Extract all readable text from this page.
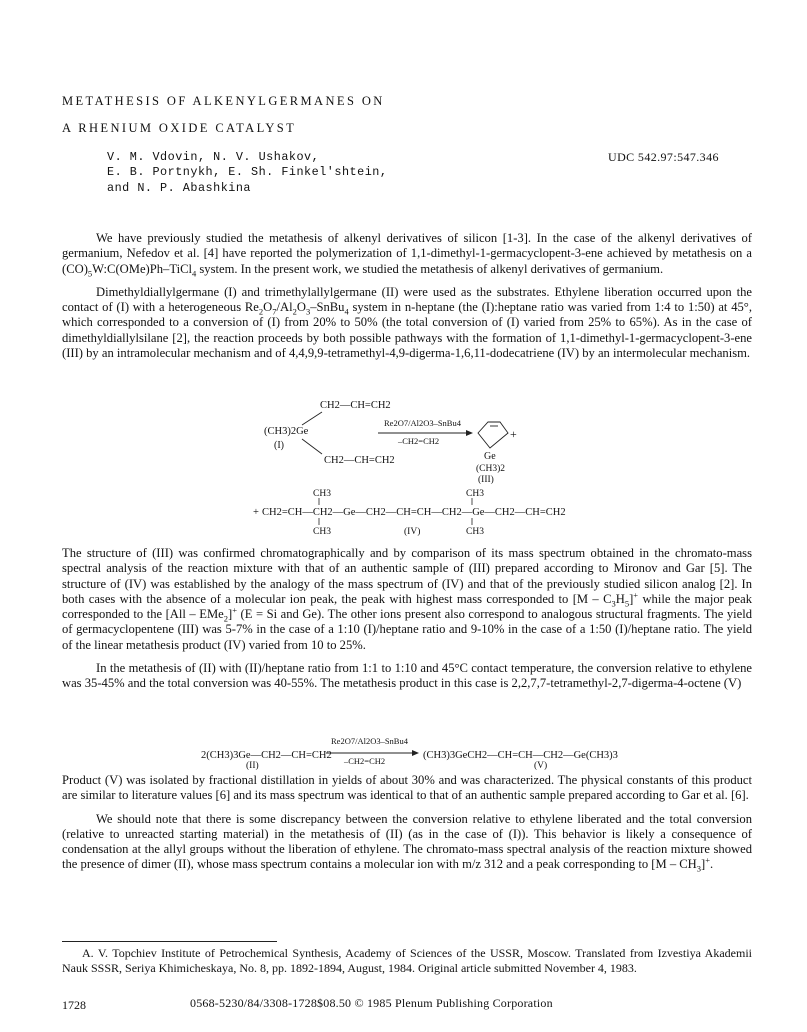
METATHESIS OF ALKENYLGERMANES ON
A RHENIUM OXIDE CATALYST
V. M. Vdovin, N. V. Ushakov,
E. B. Portnykh, E. Sh. Finkel'shtein,
and N. P. Abashkina
UDC 542.97:547.346

We have previously studied the metathesis of alkenyl derivatives of silicon [1-3]. In the case of the alkenyl derivatives of germanium, Nefedov et al. [4] have reported the polymerization of 1,1-dimethyl-1-germacyclopent-3-ene achieved by metathesis on a $(CO)_5W:C(OMe)Ph-TiCl_4$ system. In the present work, we studied the metathesis of alkenyl derivatives of germanium.

Dimethyldiallylgermane (I) and trimethylallylgermane (II) were used as the substrates. Ethylene liberation occurred upon the contact of (I) with a heterogeneous $Re_2O_7/Al_2O_3-SnBu_4$ system in n-heptane (the (I):heptane ratio was varied from 1:4 to 1:50) at 45°, which corresponded to a conversion of (I) from 20% to 50% (the total conversion of (I) varied from 25% to 65%). As in the case of dimethyldiallylsilane [2], the reaction proceeds by both possible pathways with the formation of 1,1-dimethyl-1-germacyclopent-3-ene (III) by an intramolecular mechanism and of 4,4,9,9-tetramethyl-4,9-digerma-1,6,11-dodecatriene (IV) by an intermolecular mechanism.

(CH3)2Ge
(I)
CH2—CH=CH2
CH2—CH=CH2
Re2O7/Al2O3–SnBu4
–CH2=CH2	+
Ge
(CH3)2
(III)
CH3	CH3
+ CH2=CH—CH2—Ge—CH2—CH=CH—CH2—Ge—CH2—CH=CH2
CH3	(IV)	CH3

The structure of (III) was confirmed chromatographically and by comparison of its mass spectrum obtained in the chromato-mass spectral analysis of the reaction mixture with that of an authentic sample of (III) prepared according to Mironov and Gar [5]. The structure of (IV) was established by the analogy of the mass spectrum of (IV) and that of the previously studied silicon analog [2]. In both cases with the absence of a molecular ion peak, the peak with highest mass corresponded to $[M - C_3H_5]^+$ while the major peak corresponded to the [All – EMe$_2$]+ (E = Si and Ge). The other ions present also correspond to analogous structural fragments. The yield of germacyclopentene (III) was 5-7% in the case of a 1:10 (I)/heptane ratio and 9-10% in the case of a 1:50 (I)/heptane ratio. The yield of the linear metathesis product (IV) varied from 10 to 25%.

In the metathesis of (II) with (II)/heptane ratio from 1:1 to 1:10 and 45°C contact temperature, the conversion relative to ethylene was 35-45% and the total conversion was 40-55%. The metathesis product in this case is 2,2,7,7-tetramethyl-2,7-digerma-4-octene (V)

2(CH3)3Ge—CH2—CH=CH2
(II)
Re2O7/Al2O3–SnBu4
–CH2=CH2	(CH3)3GeCH2—CH=CH—CH2—Ge(CH3)3
(V)

Product (V) was isolated by fractional distillation in yields of about 30% and was characterized. The physical constants of this product are similar to literature values [6] and its mass spectrum was identical to that of an authentic sample prepared according to Gar et al. [6].

We should note that there is some discrepancy between the conversion relative to ethylene liberated and the total conversion (relative to unreacted starting material) in the metathesis of (II) (as in the case of (I)). This behavior is likely a consequence of condensation at the allyl groups without the liberation of ethylene. The chromato-mass spectral analysis of the reaction mixture showed the presence of dimer (II), whose mass spectrum contains a molecular ion with m/z 312 and a peak corresponding to $[M - CH_3]^+$.

A. V. Topchiev Institute of Petrochemical Synthesis, Academy of Sciences of the USSR, Moscow. Translated from Izvestiya Akademii Nauk SSSR, Seriya Khimicheskaya, No. 8, pp. 1892-1894, August, 1984. Original article submitted November 4, 1983.
1728	0568-5230/84/3308-1728$08.50 © 1985 Plenum Publishing Corporation
